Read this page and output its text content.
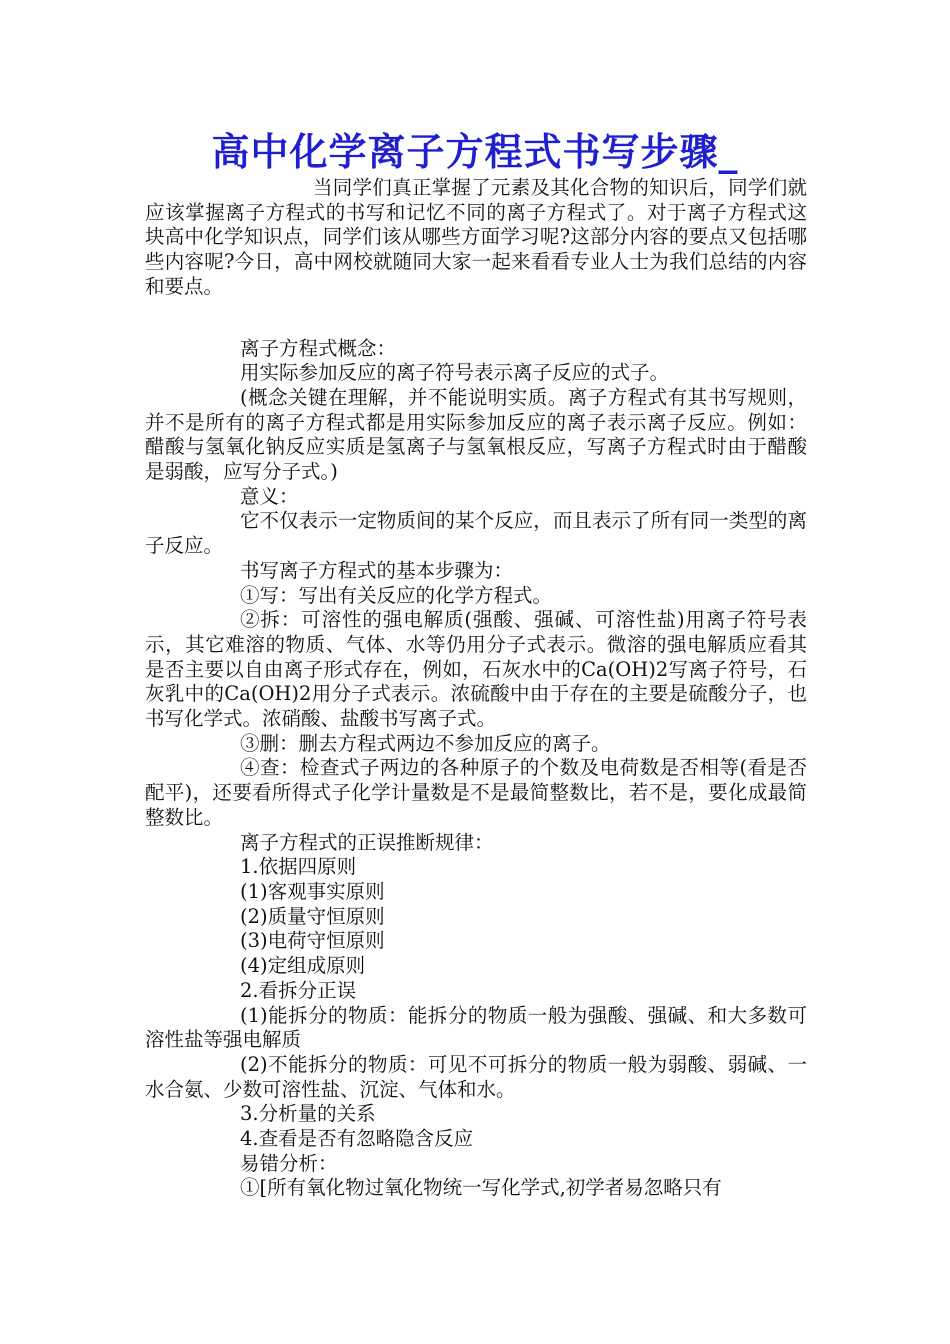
高中化学离子方程式书写步骤_

当同学们真正掌握了元素及其化合物的知识后，同学们就应该掌握离子方程式的书写和记忆不同的离子方程式了。对于离子方程式这块高中化学知识点，同学们该从哪些方面学习呢?这部分内容的要点又包括哪些内容呢?今日，高中网校就随同大家一起来看看专业人士为我们总结的内容和要点。

离子方程式概念：

用实际参加反应的离子符号表示离子反应的式子。

(概念关键在理解，并不能说明实质。离子方程式有其书写规则，并不是所有的离子方程式都是用实际参加反应的离子表示离子反应。例如：醋酸与氢氧化钠反应实质是氢离子与氢氧根反应，写离子方程式时由于醋酸是弱酸，应写分子式。)

意义：

它不仅表示一定物质间的某个反应，而且表示了所有同一类型的离子反应。

书写离子方程式的基本步骤为：

①写：写出有关反应的化学方程式。

②拆：可溶性的强电解质(强酸、强碱、可溶性盐)用离子符号表示，其它难溶的物质、气体、水等仍用分子式表示。微溶的强电解质应看其是否主要以自由离子形式存在，例如，石灰水中的Ca(OH)2写离子符号，石灰乳中的Ca(OH)2用分子式表示。浓硫酸中由于存在的主要是硫酸分子，也书写化学式。浓硝酸、盐酸书写离子式。

③删：删去方程式两边不参加反应的离子。

④查：检查式子两边的各种原子的个数及电荷数是否相等(看是否配平)，还要看所得式子化学计量数是不是最简整数比，若不是，要化成最简整数比。

离子方程式的正误推断规律：

1.依据四原则

(1)客观事实原则

(2)质量守恒原则

(3)电荷守恒原则

(4)定组成原则

2.看拆分正误

(1)能拆分的物质：能拆分的物质一般为强酸、强碱、和大多数可溶性盐等强电解质

(2)不能拆分的物质：可见不可拆分的物质一般为弱酸、弱碱、一水合氨、少数可溶性盐、沉淀、气体和水。

3.分析量的关系

4.查看是否有忽略隐含反应

易错分析：

①[所有氧化物过氧化物统一写化学式,初学者易忽略只有
